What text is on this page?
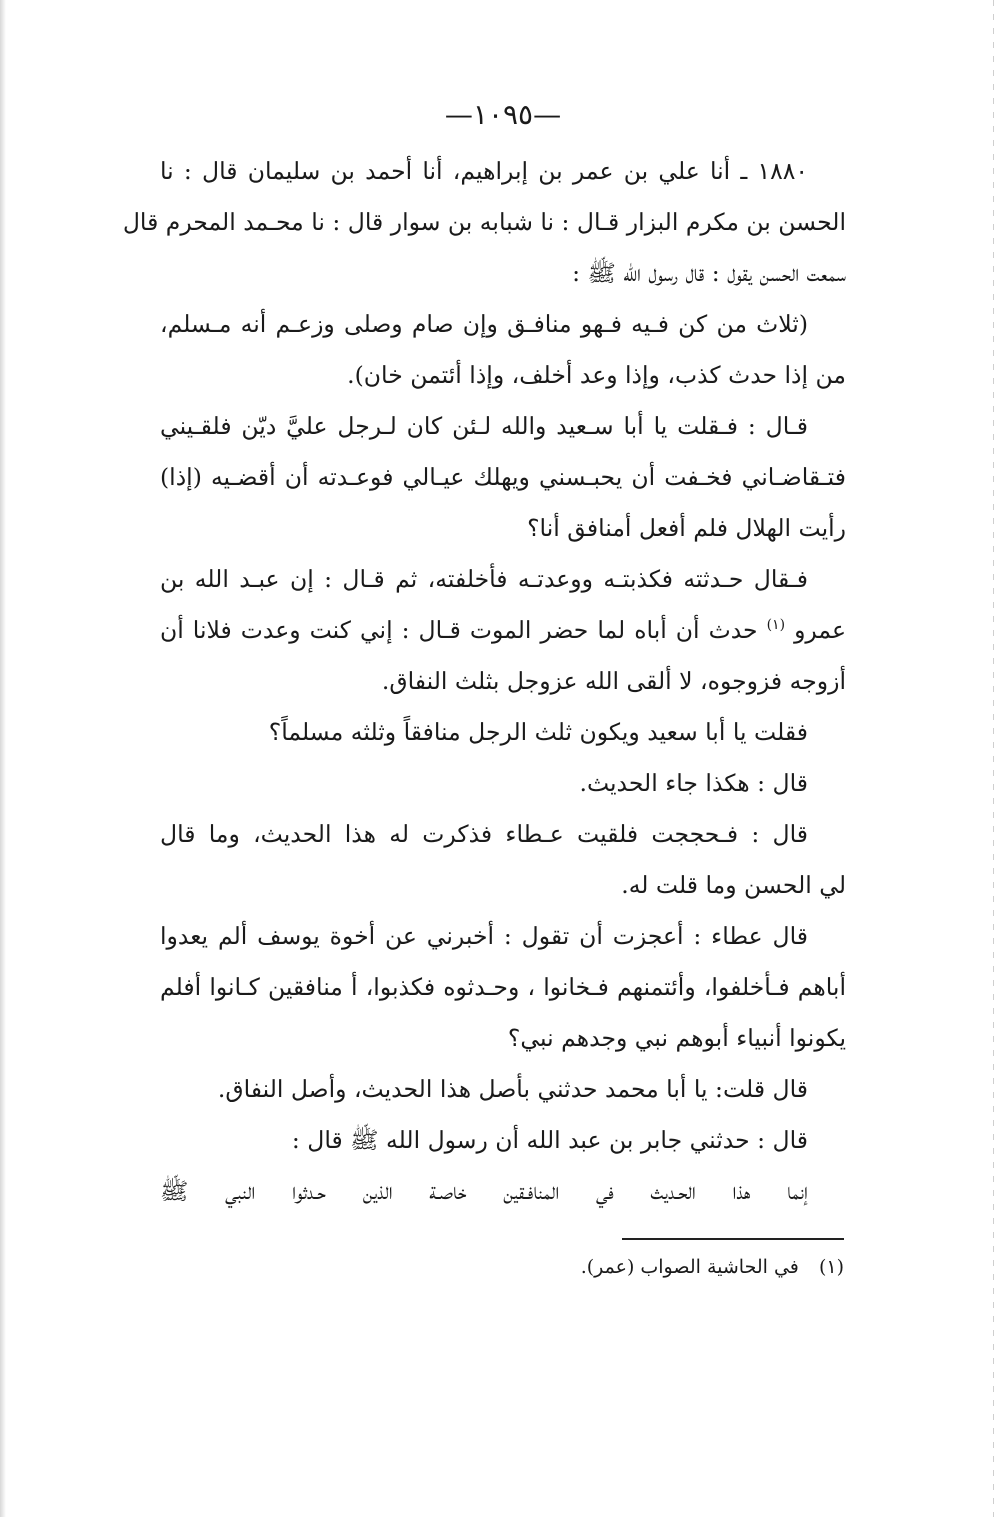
—١٠٩٥—
١٨٨٠ ـ أنا علي بن عمر بن إبراهيم، أنا أحمد بن سليمان قال : نا
الحسن بن مكرم البزار قـال : نا شبابه بن سوار قال : نا محـمد المحرم قال
سمعت الحسن يقول : قال رسول الله ﷺ :
(ثلاث من كن فـيه فـهو منافـق وإن صام وصلى وزعـم أنه مـسلم،
من إذا حدث كذب، وإذا وعد أخلف، وإذا أئتمن خان).
قـال : فـقلت يا أبا سـعيد والله لـئن كان لـرجل عليَّ ديّن فلقـيني
فتـقاضـاني فخـفت أن يحبـسني ويهلك عيـالي فوعـدته أن أقضـيه (إذا)
رأيت الهلال فلم أفعل أمنافق أنا؟
فـقال حـدثته فكذبتـه ووعدتـه فأخلفته، ثم قـال : إن عبـد الله بن
عمرو $^{(١)}$ حدث أن أباه لما حضر الموت قـال : إني كنت وعدت فلانا أن
أزوجه فزوجوه، لا ألقى الله عزوجل بثلث النفاق.
فقلت يا أبا سعيد ويكون ثلث الرجل منافقاً وثلثه مسلماً؟
قال : هكذا جاء الحديث.
قال : فـحججت فلقيت عـطاء فذكرت له هذا الحديث، وما قال
لي الحسن وما قلت له.
قال عطاء : أعجزت أن تقول : أخبرني عن أخوة يوسف ألم يعدوا
أباهم فـأخلفوا، وأئتمنهم فـخانوا ، وحـدثوه فكذبوا، أ منافقين كـانوا أفلم
يكونوا أنبياء أبوهم نبي وجدهم نبي؟
قال قلت: يا أبا محمد حدثني بأصل هذا الحديث، وأصل النفاق.
قال : حدثني جابر بن عبد الله أن رسول الله ﷺ قال :
إنما هذا الحـديث في المنافـقين خاصـة الذين حـدثوا النبي ﷺ
(١) في الحاشية الصواب (عمر).
